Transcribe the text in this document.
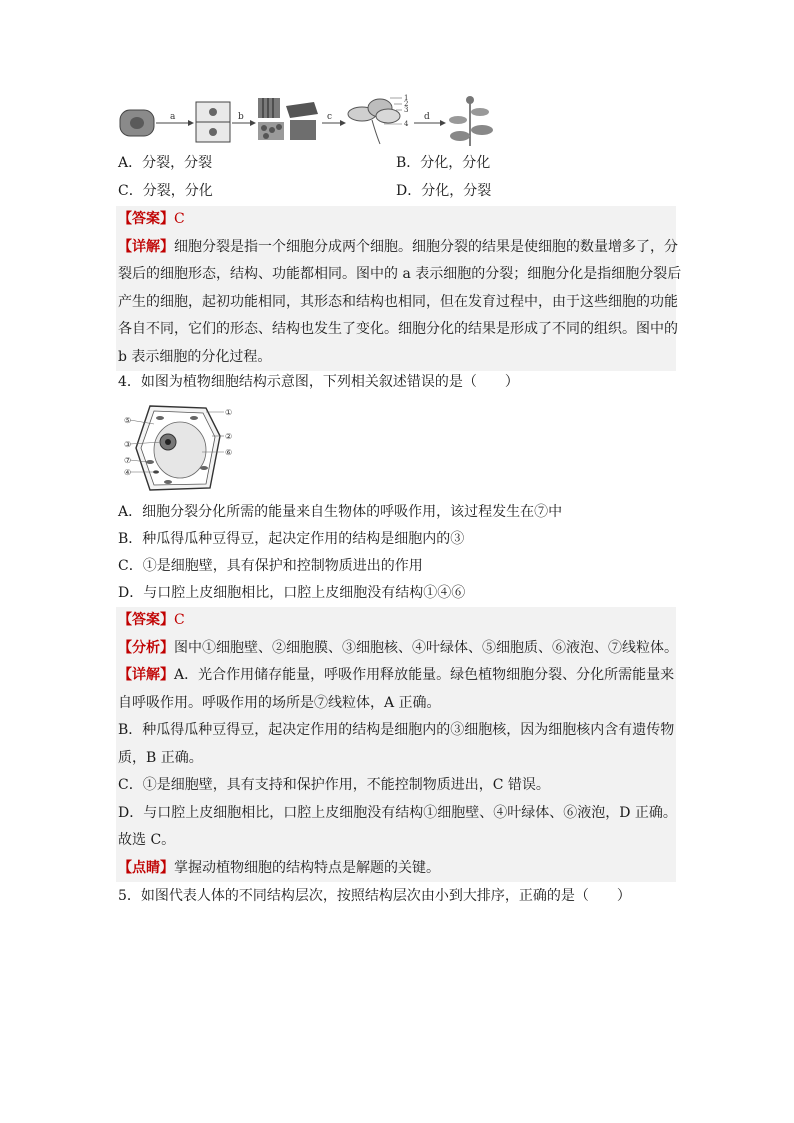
a	b	c
1
2
3
4
d
A．分裂，分裂	B．分化，分化
C．分裂，分化	D．分化，分裂
【答案】C
【详解】细胞分裂是指一个细胞分成两个细胞。细胞分裂的结果是使细胞的数量增多了，分
裂后的细胞形态，结构、功能都相同。图中的 a 表示细胞的分裂；细胞分化是指细胞分裂后
产生的细胞，起初功能相同，其形态和结构也相同，但在发育过程中，由于这些细胞的功能
各自不同，它们的形态、结构也发生了变化。细胞分化的结果是形成了不同的组织。图中的
b 表示细胞的分化过程。
4．如图为植物细胞结构示意图，下列相关叙述错误的是（　　）
①
②
⑥
⑤
③
⑦
④
A．细胞分裂分化所需的能量来自生物体的呼吸作用，该过程发生在⑦中
B．种瓜得瓜种豆得豆，起决定作用的结构是细胞内的③
C．①是细胞壁，具有保护和控制物质进出的作用
D．与口腔上皮细胞相比，口腔上皮细胞没有结构①④⑥
【答案】C
【分析】图中①细胞壁、②细胞膜、③细胞核、④叶绿体、⑤细胞质、⑥液泡、⑦线粒体。
【详解】A．光合作用储存能量，呼吸作用释放能量。绿色植物细胞分裂、分化所需能量来
自呼吸作用。呼吸作用的场所是⑦线粒体，A 正确。
B．种瓜得瓜种豆得豆，起决定作用的结构是细胞内的③细胞核，因为细胞核内含有遗传物
质，B 正确。
C．①是细胞壁，具有支持和保护作用，不能控制物质进出，C 错误。
D．与口腔上皮细胞相比，口腔上皮细胞没有结构①细胞壁、④叶绿体、⑥液泡，D 正确。
故选 C。
【点睛】掌握动植物细胞的结构特点是解题的关键。
5．如图代表人体的不同结构层次，按照结构层次由小到大排序，正确的是（　　）
